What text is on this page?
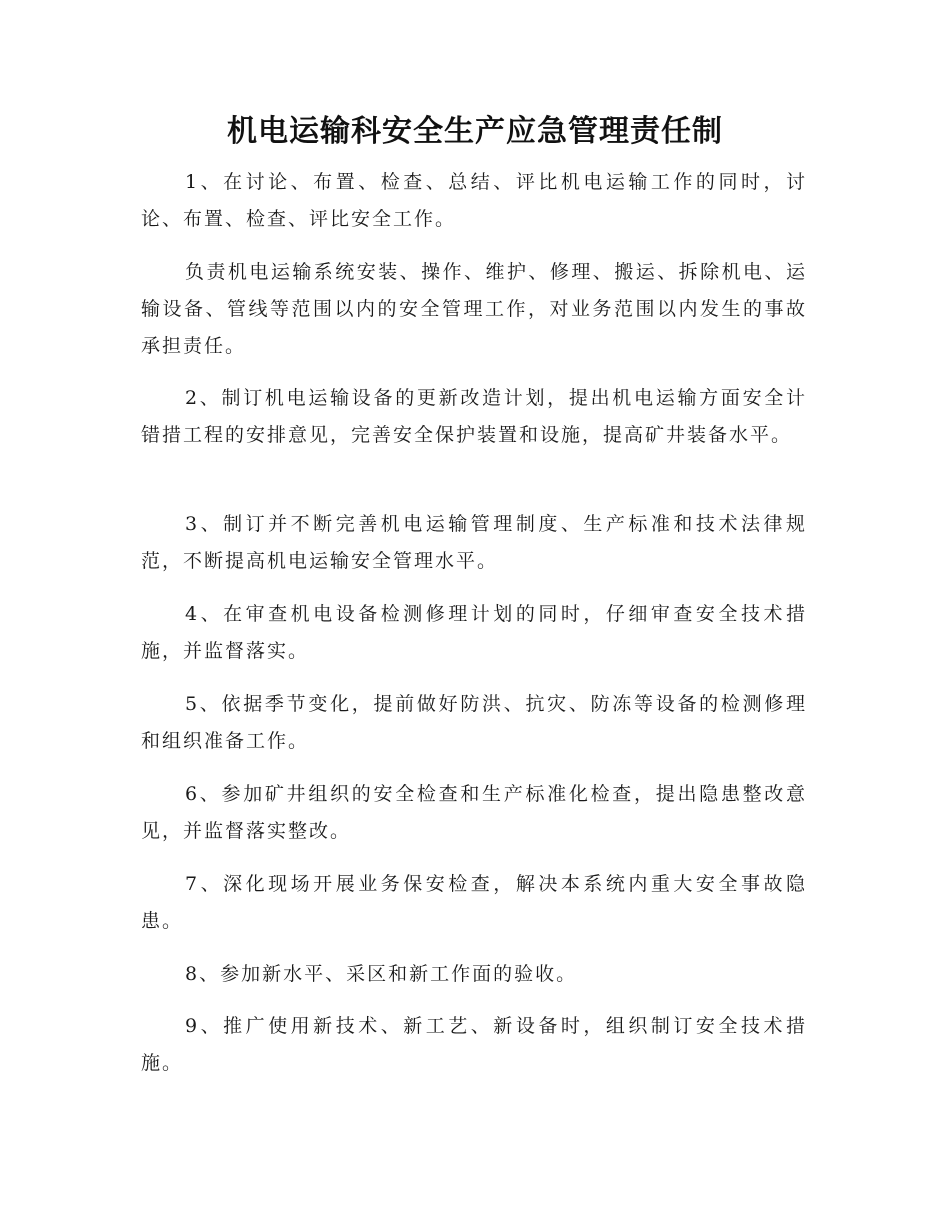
机电运输科安全生产应急管理责任制

1、在讨论、布置、检查、总结、评比机电运输工作的同时，讨论、布置、检查、评比安全工作。

负责机电运输系统安装、操作、维护、修理、搬运、拆除机电、运输设备、管线等范围以内的安全管理工作，对业务范围以内发生的事故承担责任。

2、制订机电运输设备的更新改造计划，提出机电运输方面安全计错措工程的安排意见，完善安全保护装置和设施，提高矿井装备水平。

3、制订并不断完善机电运输管理制度、生产标准和技术法律规范，不断提高机电运输安全管理水平。

4、在审查机电设备检测修理计划的同时，仔细审查安全技术措施，并监督落实。

5、依据季节变化，提前做好防洪、抗灾、防冻等设备的检测修理和组织准备工作。

6、参加矿井组织的安全检查和生产标准化检查，提出隐患整改意见，并监督落实整改。

7、深化现场开展业务保安检查，解决本系统内重大安全事故隐患。

8、参加新水平、采区和新工作面的验收。

9、推广使用新技术、新工艺、新设备时，组织制订安全技术措施。
